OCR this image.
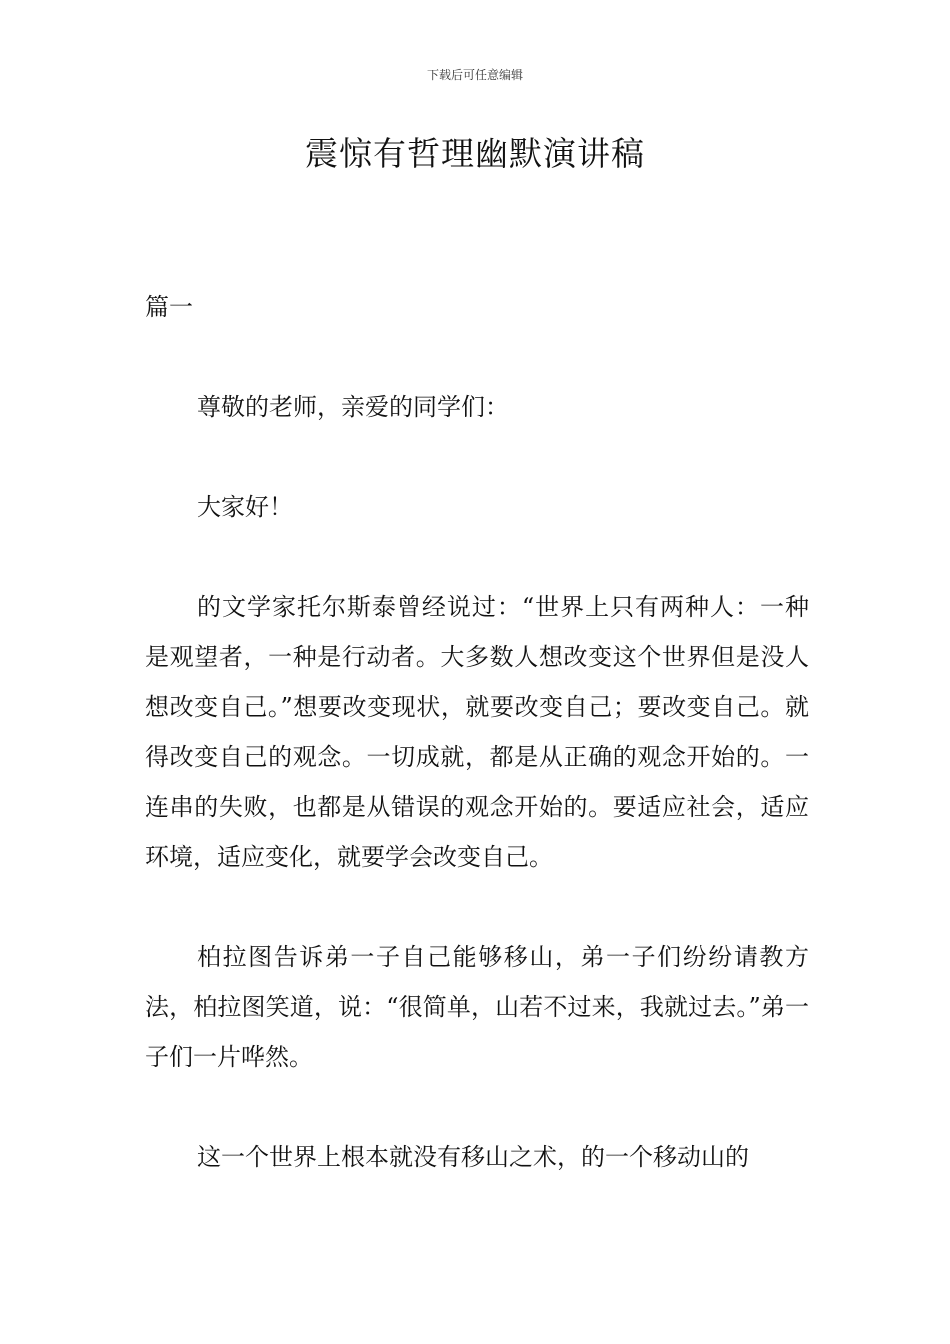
下载后可任意编辑
震惊有哲理幽默演讲稿

篇一

尊敬的老师，亲爱的同学们：

大家好！

的文学家托尔斯泰曾经说过：“世界上只有两种人：一种是观望者，一种是行动者。大多数人想改变这个世界但是没人想改变自己。”想要改变现状，就要改变自己；要改变自己。就得改变自己的观念。一切成就，都是从正确的观念开始的。一连串的失败，也都是从错误的观念开始的。要适应社会，适应环境，适应变化，就要学会改变自己。

柏拉图告诉弟一子自己能够移山，弟一子们纷纷请教方法，柏拉图笑道，说：“很简单，山若不过来，我就过去。”弟一子们一片哗然。

这一个世界上根本就没有移山之术，的一个移动山的
